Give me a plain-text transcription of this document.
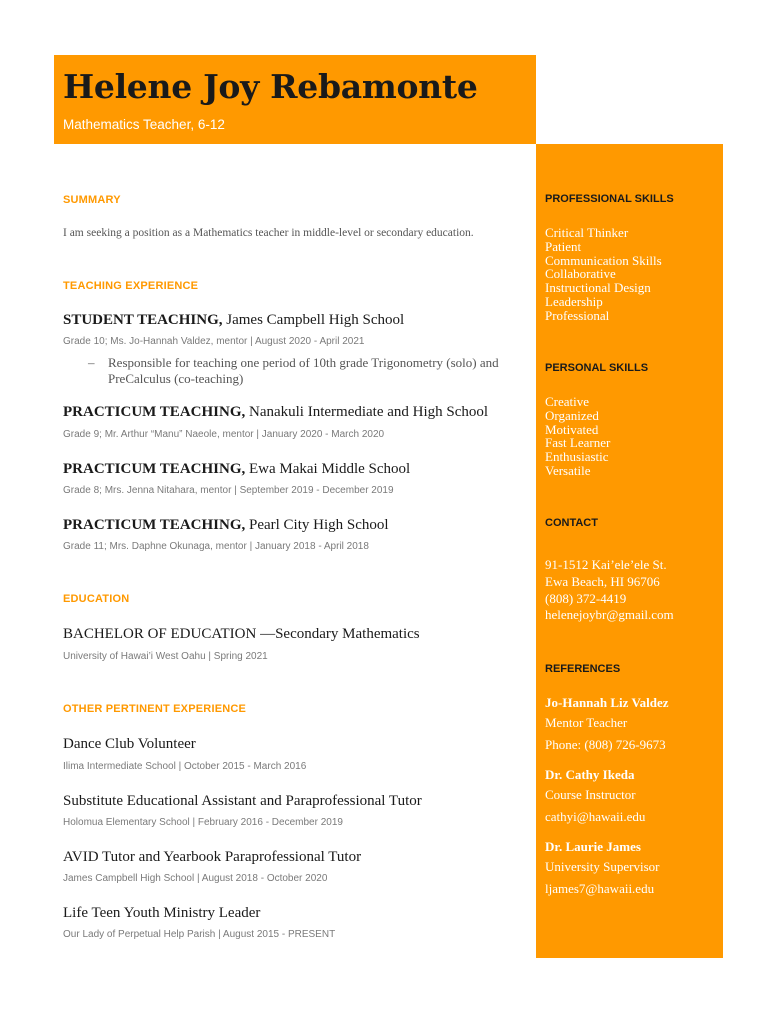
Helene Joy Rebamonte
Mathematics Teacher, 6-12
SUMMARY
I am seeking a position as a Mathematics teacher in middle-level or secondary education.
TEACHING EXPERIENCE
STUDENT TEACHING, James Campbell High School
Grade 10; Ms. Jo-Hannah Valdez, mentor | August 2020 - April 2021
– Responsible for teaching one period of 10th grade Trigonometry (solo) and PreCalculus (co-teaching)
PRACTICUM TEACHING, Nanakuli Intermediate and High School
Grade 9; Mr. Arthur “Manu” Naeole, mentor | January 2020 - March 2020
PRACTICUM TEACHING, Ewa Makai Middle School
Grade 8; Mrs. Jenna Nitahara, mentor | September 2019 - December 2019
PRACTICUM TEACHING, Pearl City High School
Grade 11; Mrs. Daphne Okunaga, mentor | January 2018 - April 2018
EDUCATION
BACHELOR OF EDUCATION —Secondary Mathematics
University of Hawai’i West Oahu | Spring 2021
OTHER PERTINENT EXPERIENCE
Dance Club Volunteer
Ilima Intermediate School | October 2015 - March 2016
Substitute Educational Assistant and Paraprofessional Tutor
Holomua Elementary School | February 2016 - December 2019
AVID Tutor and Yearbook Paraprofessional Tutor
James Campbell High School | August 2018 - October 2020
Life Teen Youth Ministry Leader
Our Lady of Perpetual Help Parish | August 2015 - PRESENT
PROFESSIONAL SKILLS
Critical Thinker
Patient
Communication Skills
Collaborative
Instructional Design
Leadership
Professional
PERSONAL SKILLS
Creative
Organized
Motivated
Fast Learner
Enthusiastic
Versatile
CONTACT
91-1512 Kai’ele’ele St.
Ewa Beach, HI 96706
(808) 372-4419
helenejoybr@gmail.com
REFERENCES
Jo-Hannah Liz Valdez
Mentor Teacher
Phone: (808) 726-9673
Dr. Cathy Ikeda
Course Instructor
cathyi@hawaii.edu
Dr. Laurie James
University Supervisor
ljames7@hawaii.edu
